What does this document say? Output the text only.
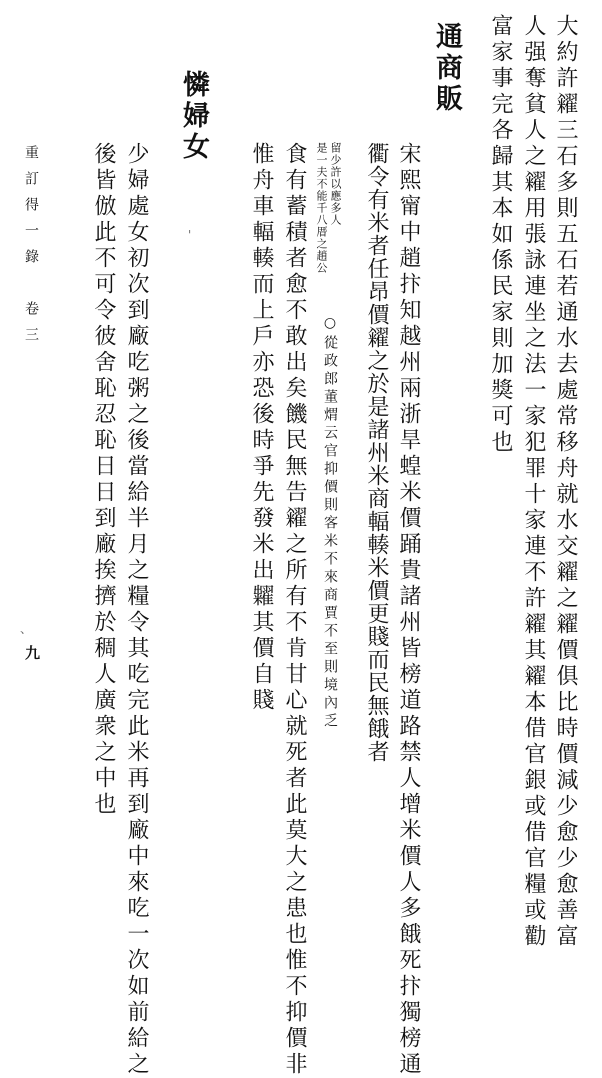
大約許糴三石多則五石若通水去處常移舟就水交糴之糴價俱比時價減少愈少愈善富
人强奪貧人之糴用張詠連坐之法一家犯罪十家連不許糴其糴本借官銀或借官糧或勸
富家事完各歸其本如係民家則加獎可也
通商販
宋熙甯中趙抃知越州兩浙旱蝗米價踊貴諸州皆榜道路禁人增米價人多餓死抃獨榜通
衢令有米者任昂價糴之於是諸州米商輻輳米價更賤而民無餓者
留少許以應多人
是一夫不能千八厝之趙公
○從政郎董煟云官抑價則客米不來商賈不至則境內乏
食有蓄積者愈不敢出矣饑民無告糴之所有不肯甘心就死者此莫大之患也惟不抑價非
惟舟車輻輳而上戶亦恐後時爭先發米出糶其價自賤
憐婦女
少婦處女初次到廠吃粥之後當給半月之糧令其吃完此米再到廠中來吃一次如前給之
後皆倣此不可令彼舍恥忍恥日日到廠挨擠於稠人廣衆之中也
重訂得一錄　卷三
九
'
、
